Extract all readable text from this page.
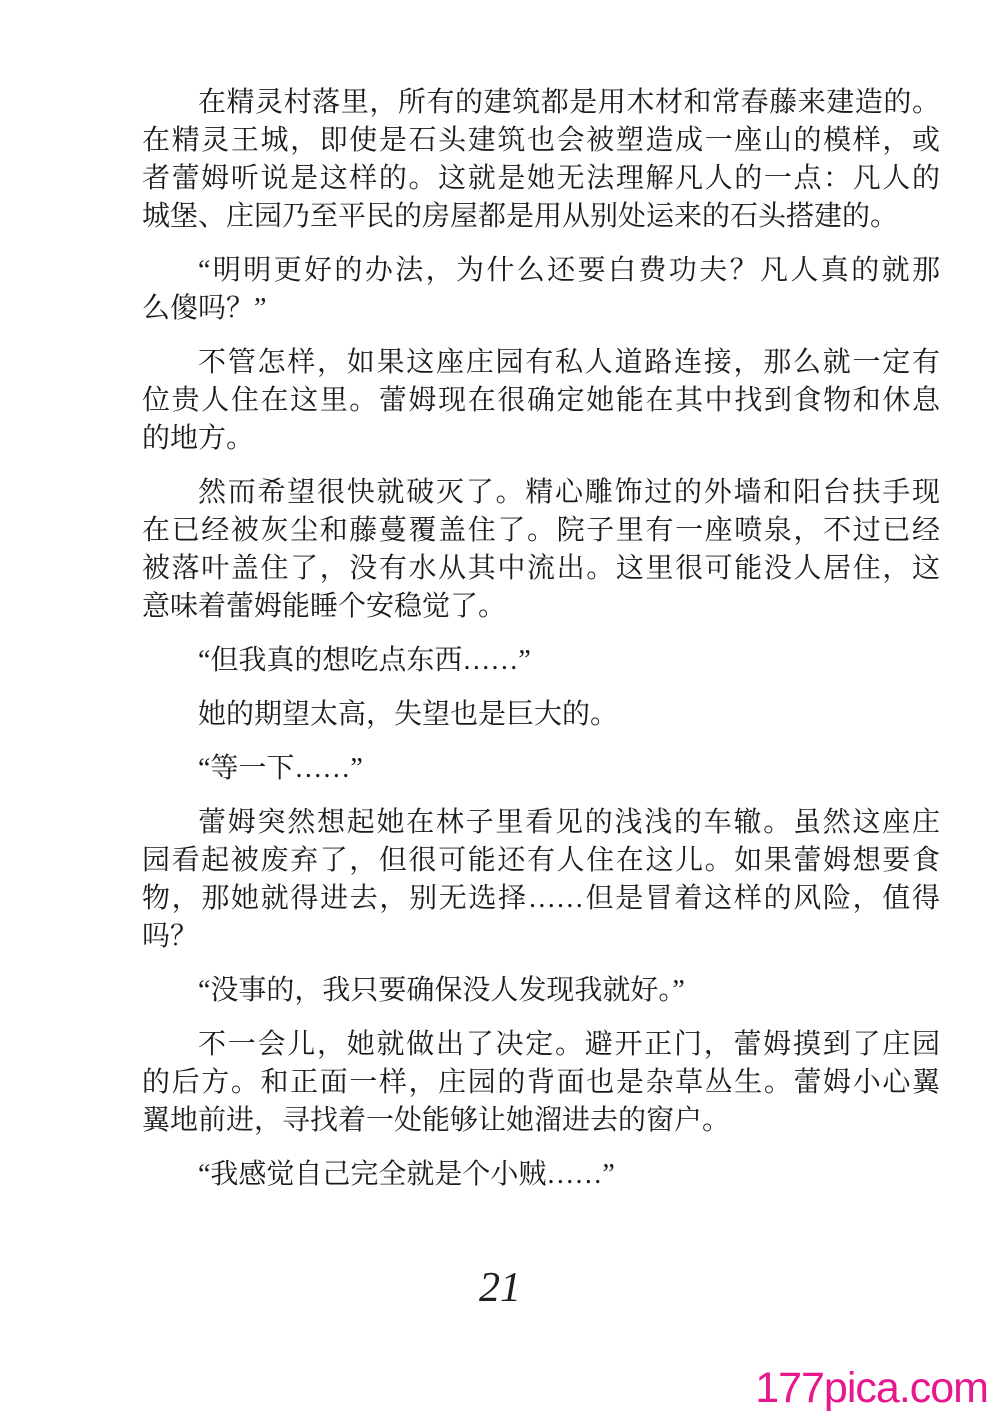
在精灵村落里，所有的建筑都是用木材和常春藤来建造的。
在精灵王城，即使是石头建筑也会被塑造成一座山的模样，或
者蕾姆听说是这样的。这就是她无法理解凡人的一点：凡人的
城堡、庄园乃至平民的房屋都是用从别处运来的石头搭建的。

“明明更好的办法，为什么还要白费功夫？凡人真的就那
么傻吗？”

不管怎样，如果这座庄园有私人道路连接，那么就一定有
位贵人住在这里。蕾姆现在很确定她能在其中找到食物和休息
的地方。

然而希望很快就破灭了。精心雕饰过的外墙和阳台扶手现
在已经被灰尘和藤蔓覆盖住了。院子里有一座喷泉，不过已经
被落叶盖住了，没有水从其中流出。这里很可能没人居住，这
意味着蕾姆能睡个安稳觉了。

“但我真的想吃点东西……”

她的期望太高，失望也是巨大的。

“等一下……”

蕾姆突然想起她在林子里看见的浅浅的车辙。虽然这座庄
园看起被废弃了，但很可能还有人住在这儿。如果蕾姆想要食
物，那她就得进去，别无选择……但是冒着这样的风险，值得
吗？

“没事的，我只要确保没人发现我就好。”

不一会儿，她就做出了决定。避开正门，蕾姆摸到了庄园
的后方。和正面一样，庄园的背面也是杂草丛生。蕾姆小心翼
翼地前进，寻找着一处能够让她溜进去的窗户。

“我感觉自己完全就是个小贼……”

21
177pica.com
